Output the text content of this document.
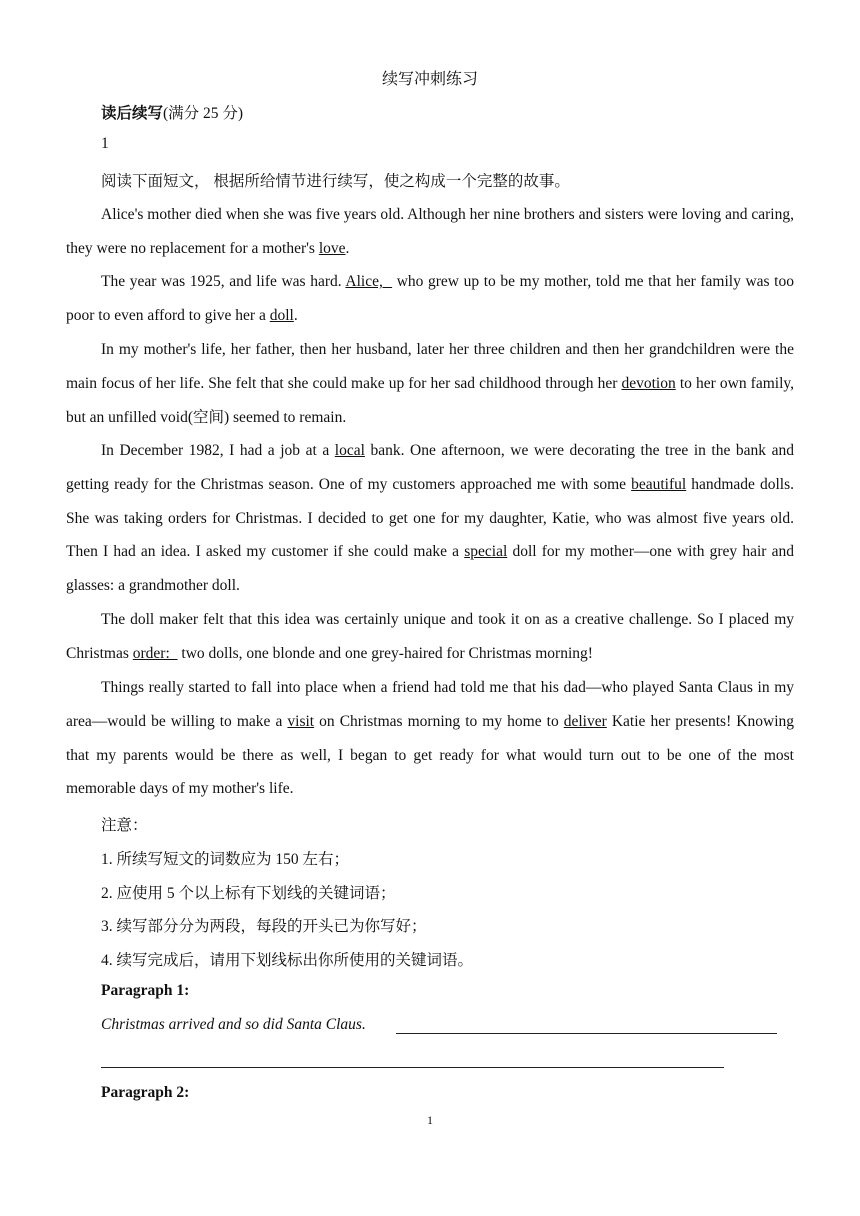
续写冲刺练习
读后续写(满分 25 分)
1
阅读下面短文， 根据所给情节进行续写，使之构成一个完整的故事。
Alice's mother died when she was five years old. Although her nine brothers and sisters were loving and caring, they were no replacement for a mother's love.
The year was 1925, and life was hard. Alice,   who grew up to be my mother, told me that her family was too poor to even afford to give her a doll.
In my mother's life, her father, then her husband, later her three children and then her grandchildren were the main focus of her life. She felt that she could make up for her sad childhood through her devotion to her own family, but an unfilled void(空间) seemed to remain.
In December 1982, I had a job at a local bank. One afternoon, we were decorating the tree in the bank and getting ready for the Christmas season. One of my customers approached me with some beautiful handmade dolls. She was taking orders for Christmas. I decided to get one for my daughter, Katie, who was almost five years old. Then I had an idea. I asked my customer if she could make a special doll for my mother—one with grey hair and glasses: a grandmother doll.
The doll maker felt that this idea was certainly unique and took it on as a creative challenge. So I placed my Christmas order:   two dolls, one blonde and one grey-haired for Christmas morning!
Things really started to fall into place when a friend had told me that his dad—who played Santa Claus in my area—would be willing to make a visit on Christmas morning to my home to deliver Katie her presents! Knowing that my parents would be there as well, I began to get ready for what would turn out to be one of the most memorable days of my mother's life.
注意：
1. 所续写短文的词数应为 150 左右；
2. 应使用 5 个以上标有下划线的关键词语；
3. 续写部分分为两段，每段的开头已为你写好；
4. 续写完成后，请用下划线标出你所使用的关键词语。
Paragraph 1:
Christmas arrived and so did Santa Claus.
Paragraph 2:
1
